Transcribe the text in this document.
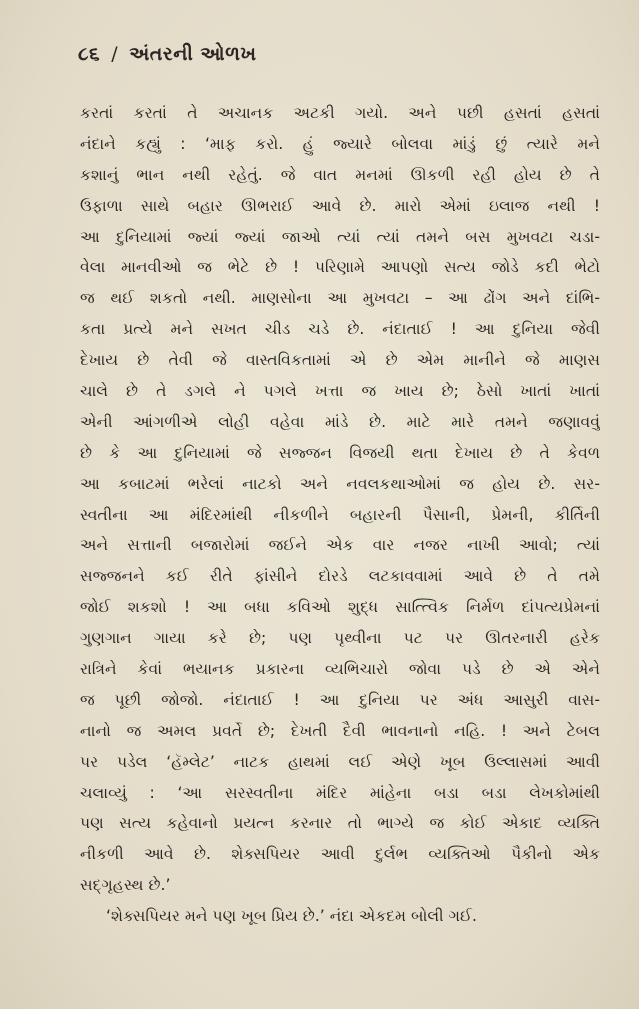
૮૬ / અંતરની ઓળખ
કરતાં કરતાં તે અચાનક અટકી ગયો. અને પછી હસતાં હસતાં
નંદાને કહ્યું : ‘માફ કરો. હું જ્યારે બોલવા માંડું છું ત્યારે મને
કશાનું ભાન નથી રહેતું. જે વાત મનમાં ઊકળી રહી હોય છે તે
ઉફાળા સાથે બહાર ઊભરાઈ આવે છે. મારો એમાં ઇલાજ નથી !
આ દુનિયામાં જ્યાં જ્યાં જાઓ ત્યાં ત્યાં તમને બસ મુખવટા ચડા-
વેલા માનવીઓ જ ભેટે છે ! પરિણામે આપણો સત્ય જોડે કદી ભેટો
જ થઈ શકતો નથી. માણસોના આ મુખવટા – આ ઢોંગ અને દાંભિ-
કતા પ્રત્યે મને સખત ચીડ ચડે છે. નંદાતાઈ ! આ દુનિયા જેવી
દેખાય છે તેવી જે વાસ્તવિકતામાં એ છે એમ માનીને જે માણસ
ચાલે છે તે ડગલે ને પગલે ખત્તા જ ખાય છે; ઠેસો ખાતાં ખાતાં
એની આંગળીએ લોહી વહેવા માંડે છે. માટે મારે તમને જણાવવું
છે કે આ દુનિયામાં જે સજ્જન વિજયી થતા દેખાય છે તે કેવળ
આ કબાટમાં ભરેલાં નાટકો અને નવલકથાઓમાં જ હોય છે. સર-
સ્વતીના આ મંદિરમાંથી નીકળીને બહારની પૈસાની, પ્રેમની, કીર્તિની
અને સત્તાની બજારોમાં જઈને એક વાર નજર નાખી આવો; ત્યાં
સજ્જનને કઈ રીતે ફાંસીને દોરડે લટકાવવામાં આવે છે તે તમે
જોઈ શકશો ! આ બધા કવિઓ શુદ્ધ સાત્ત્વિક નિર્મળ દાંપત્યપ્રેમનાં
ગુણગાન ગાયા કરે છે; પણ પૃથ્વીના પટ પર ઊતરનારી હરેક
રાત્રિને કેવાં ભયાનક પ્રકારના વ્યભિચારો જોવા પડે છે એ એને
જ પૂછી જોજો. નંદાતાઈ ! આ દુનિયા પર અંધ આસુરી વાસ-
નાનો જ અમલ પ્રવર્તે છે; દેખતી દૈવી ભાવનાનો નહિ. ! અને ટેબલ
પર પડેલ ‘હૅમ્લેટ’ નાટક હાથમાં લઈ એણે ખૂબ ઉલ્લાસમાં આવી
ચલાવ્યું : ‘આ સરસ્વતીના મંદિર માંહેના બડા બડા લેખકોમાંથી
પણ સત્ય કહેવાનો પ્રયત્ન કરનાર તો ભાગ્યે જ કોઈ એકાદ વ્યક્તિ
નીકળી આવે છે. શેક્સપિયર આવી દુર્લભ વ્યક્તિઓ પૈકીનો એક
સદ્‌ગૃહસ્થ છે.’
‘શેક્સપિયર મને પણ ખૂબ પ્રિય છે.’ નંદા એકદમ બોલી ગઈ.
